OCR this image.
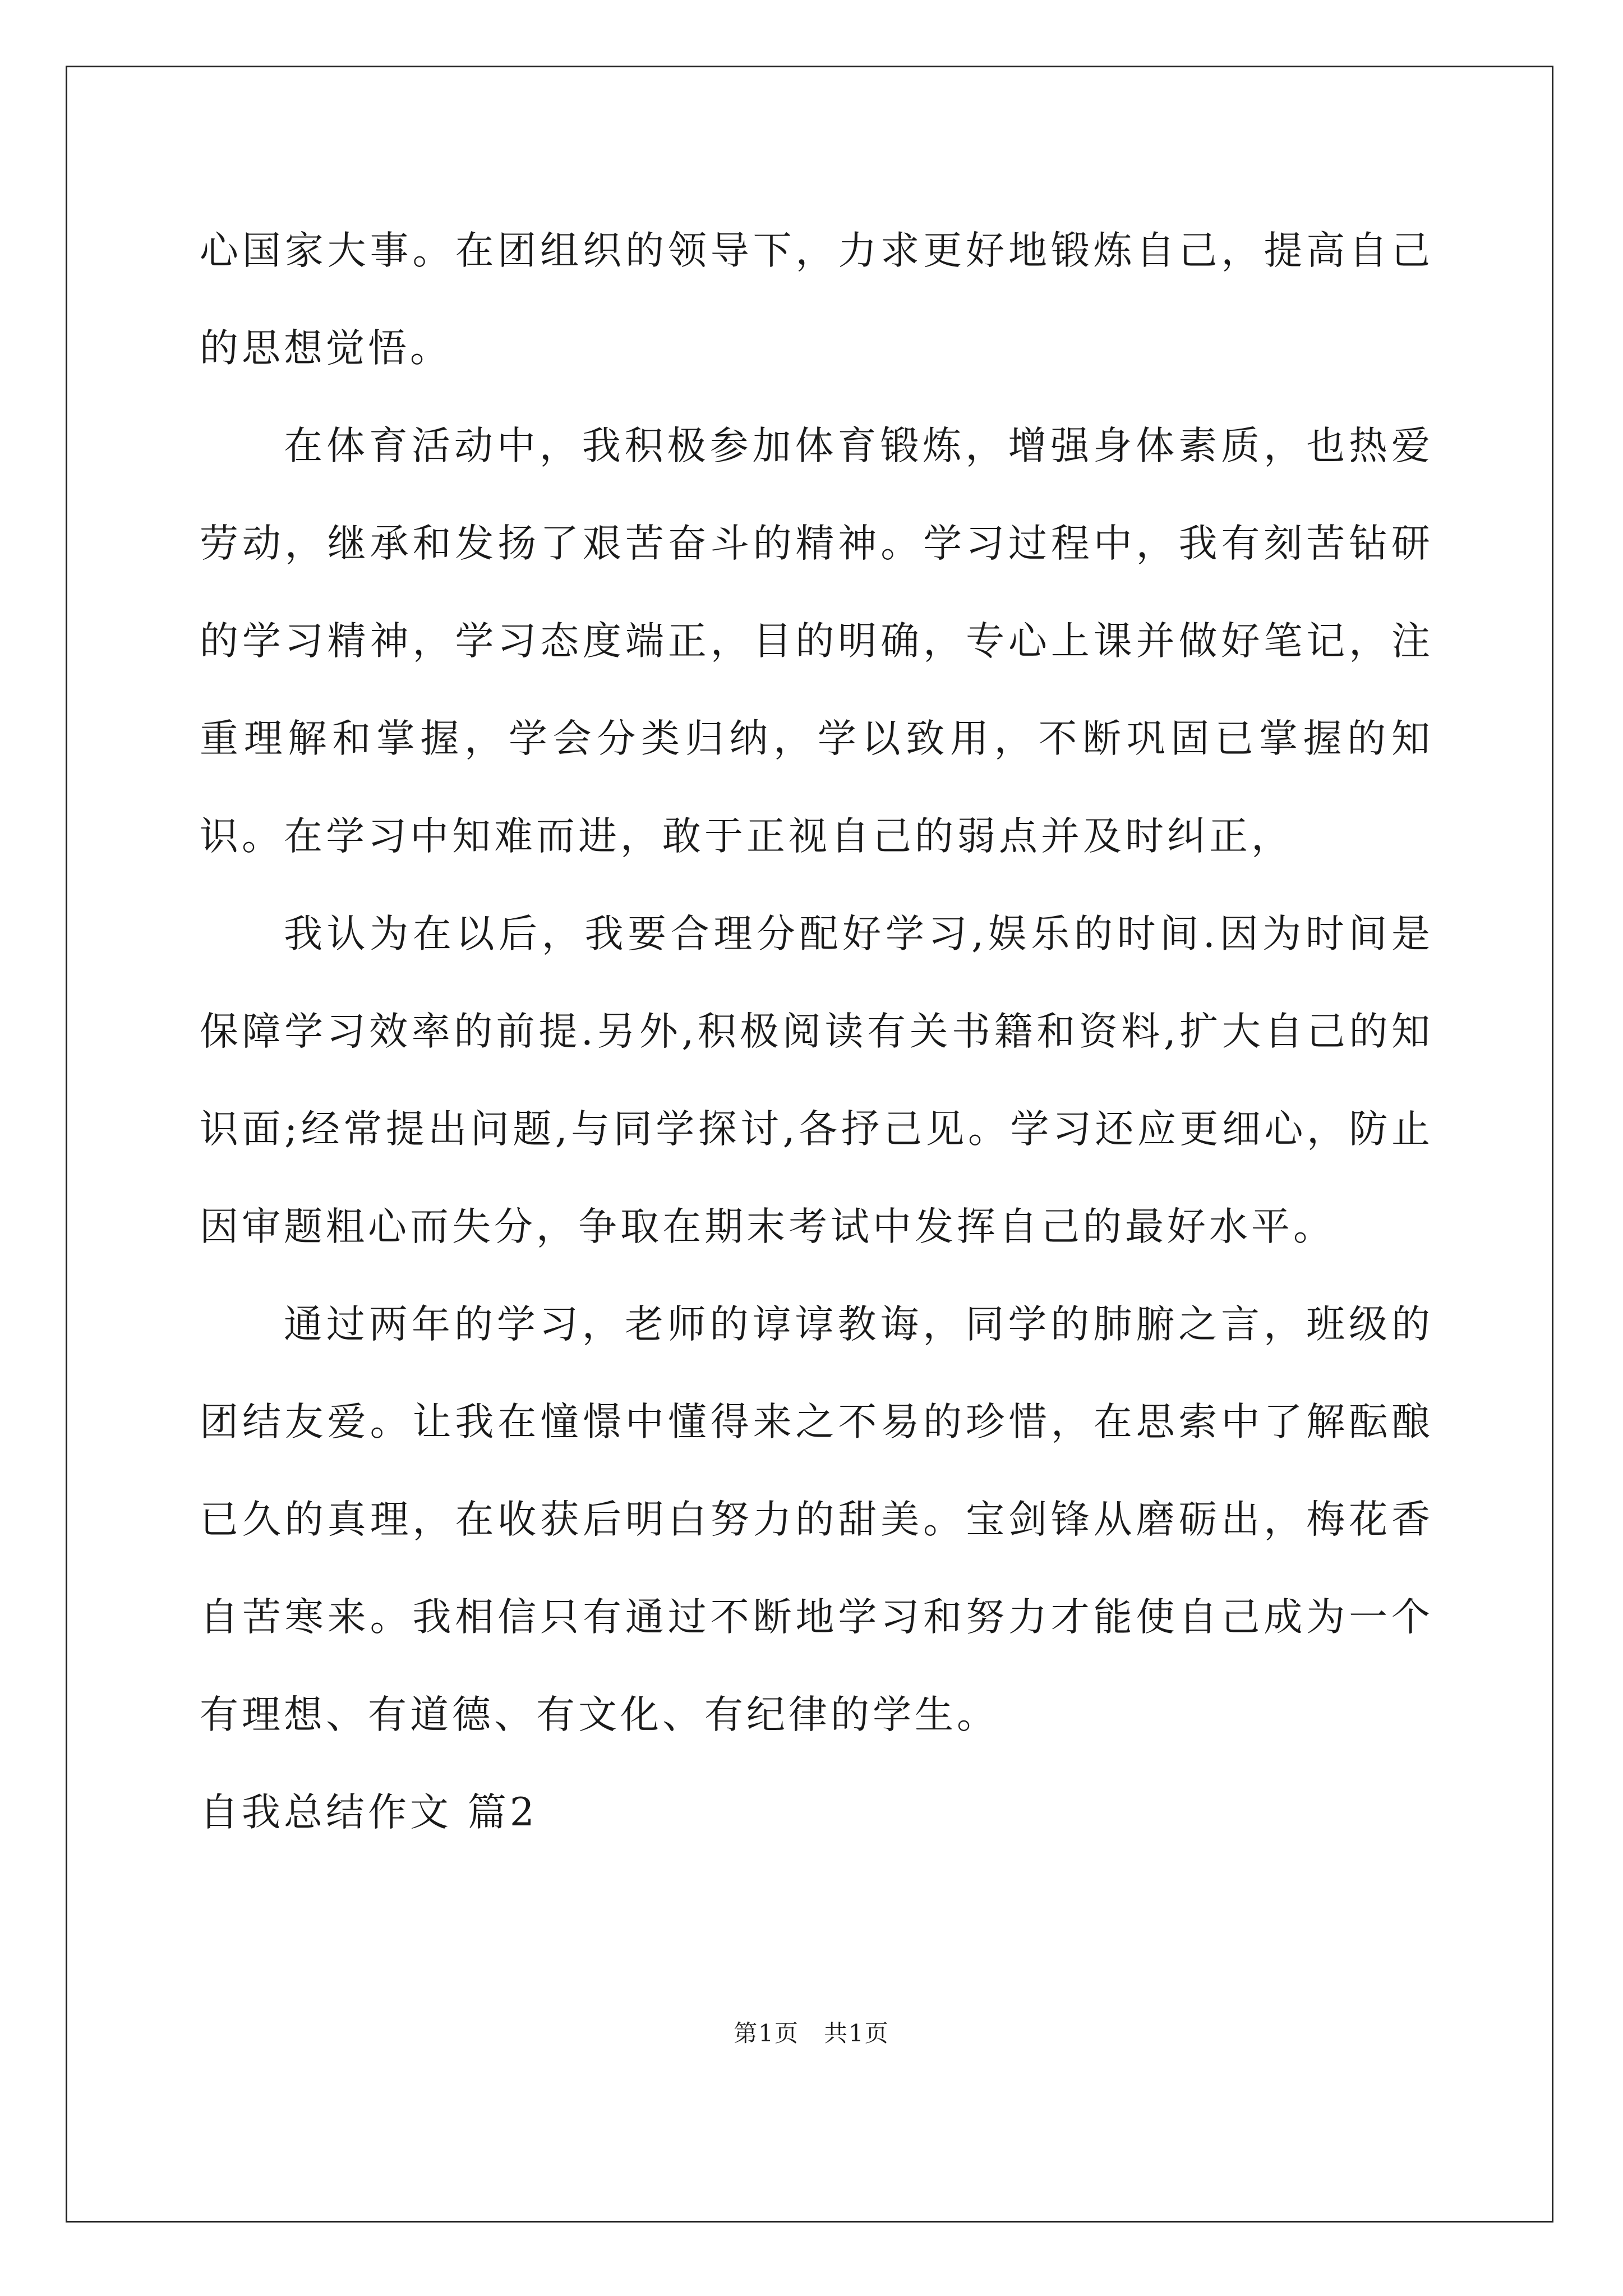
心国家大事。在团组织的领导下，力求更好地锻炼自己，提高自己的思想觉悟。

在体育活动中，我积极参加体育锻炼，增强身体素质，也热爱劳动，继承和发扬了艰苦奋斗的精神。学习过程中，我有刻苦钻研的学习精神，学习态度端正，目的明确，专心上课并做好笔记，注重理解和掌握，学会分类归纳，学以致用，不断巩固已掌握的知识。在学习中知难而进，敢于正视自己的弱点并及时纠正，

我认为在以后，我要合理分配好学习,娱乐的时间.因为时间是保障学习效率的前提.另外,积极阅读有关书籍和资料,扩大自己的知识面;经常提出问题,与同学探讨,各抒己见。学习还应更细心，防止因审题粗心而失分，争取在期末考试中发挥自己的最好水平。

通过两年的学习，老师的谆谆教诲，同学的肺腑之言，班级的团结友爱。让我在憧憬中懂得来之不易的珍惜，在思索中了解酝酿已久的真理，在收获后明白努力的甜美。宝剑锋从磨砺出，梅花香自苦寒来。我相信只有通过不断地学习和努力才能使自己成为一个有理想、有道德、有文化、有纪律的学生。

自我总结作文 篇2
第1页　共1页
